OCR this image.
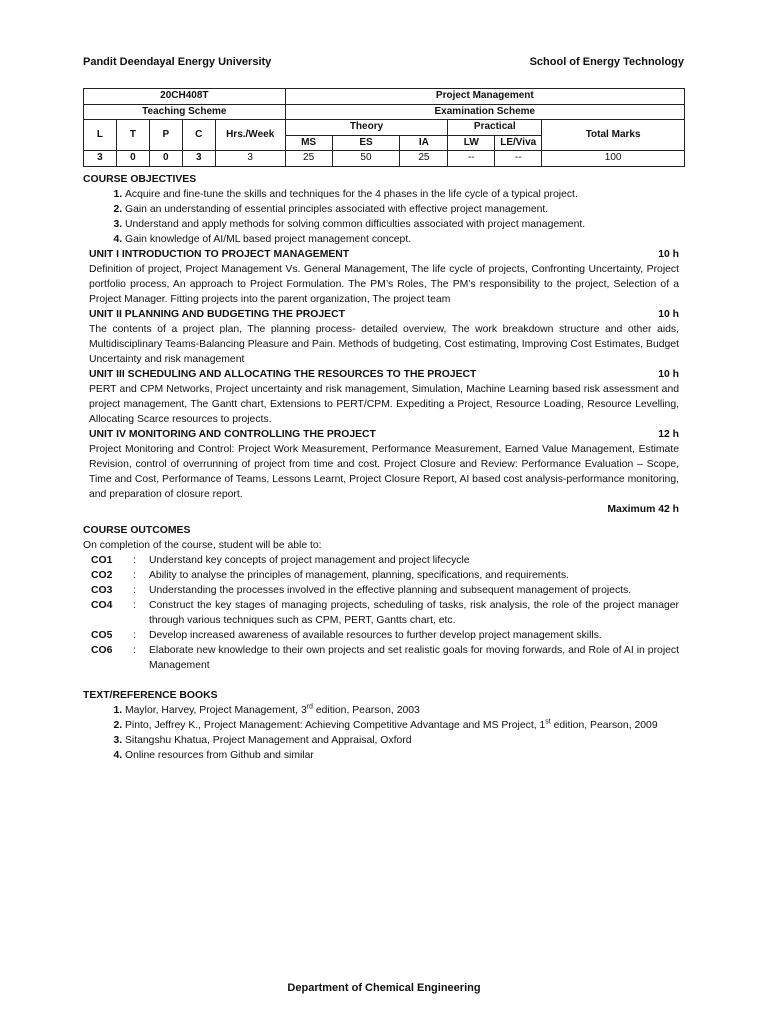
Pandit Deendayal Energy University	School of Energy Technology
20CH408T					Project Management					
Teaching Scheme					Examination Scheme					
L	T	P	C	Hrs./Week	Theory			Practical		Total Marks
					MS	ES	IA	LW	LE/Viva	
3	0	0	3	3	25	50	25	--	--	100
COURSE OBJECTIVES
1. Acquire and fine-tune the skills and techniques for the 4 phases in the life cycle of a typical project.
2. Gain an understanding of essential principles associated with effective project management.
3. Understand and apply methods for solving common difficulties associated with project management.
4. Gain knowledge of AI/ML based project management concept.
UNIT I INTRODUCTION TO PROJECT MANAGEMENT	10 h
Definition of project, Project Management Vs. General Management, The life cycle of projects, Confronting Uncertainty, Project portfolio process, An approach to Project Formulation. The PM’s Roles, The PM’s responsibility to the project, Selection of a Project Manager. Fitting projects into the parent organization, The project team
UNIT II PLANNING AND BUDGETING THE PROJECT	10 h
The contents of a project plan, The planning process- detailed overview, The work breakdown structure and other aids, Multidisciplinary Teams-Balancing Pleasure and Pain. Methods of budgeting, Cost estimating, Improving Cost Estimates, Budget Uncertainty and risk management
UNIT III SCHEDULING AND ALLOCATING THE RESOURCES TO THE PROJECT	10 h
PERT and CPM Networks, Project uncertainty and risk management, Simulation, Machine Learning based risk assessment and project management, The Gantt chart, Extensions to PERT/CPM. Expediting a Project, Resource Loading, Resource Levelling, Allocating Scarce resources to projects.
UNIT IV MONITORING AND CONTROLLING THE PROJECT	12 h
Project Monitoring and Control: Project Work Measurement, Performance Measurement, Earned Value Management, Estimate Revision, control of overrunning of project from time and cost. Project Closure and Review: Performance Evaluation – Scope, Time and Cost, Performance of Teams, Lessons Learnt, Project Closure Report, AI based cost analysis-performance monitoring, and preparation of closure report.
Maximum 42 h
COURSE OUTCOMES
On completion of the course, student will be able to:
CO1	:	Understand key concepts of project management and project lifecycle
CO2	:	Ability to analyse the principles of management, planning, specifications, and requirements.
CO3	:	Understanding the processes involved in the effective planning and subsequent management of projects.
CO4	:	Construct the key stages of managing projects, scheduling of tasks, risk analysis, the role of the project manager through various techniques such as CPM, PERT, Gantts chart, etc.
CO5	:	Develop increased awareness of available resources to further develop project management skills.
CO6	:	Elaborate new knowledge to their own projects and set realistic goals for moving forwards, and Role of AI in project Management
TEXT/REFERENCE BOOKS
1. Maylor, Harvey, Project Management, 3rd edition, Pearson, 2003
2. Pinto, Jeffrey K., Project Management: Achieving Competitive Advantage and MS Project, 1st edition, Pearson, 2009
3. Sitangshu Khatua, Project Management and Appraisal, Oxford
4. Online resources from Github and similar
Department of Chemical Engineering
